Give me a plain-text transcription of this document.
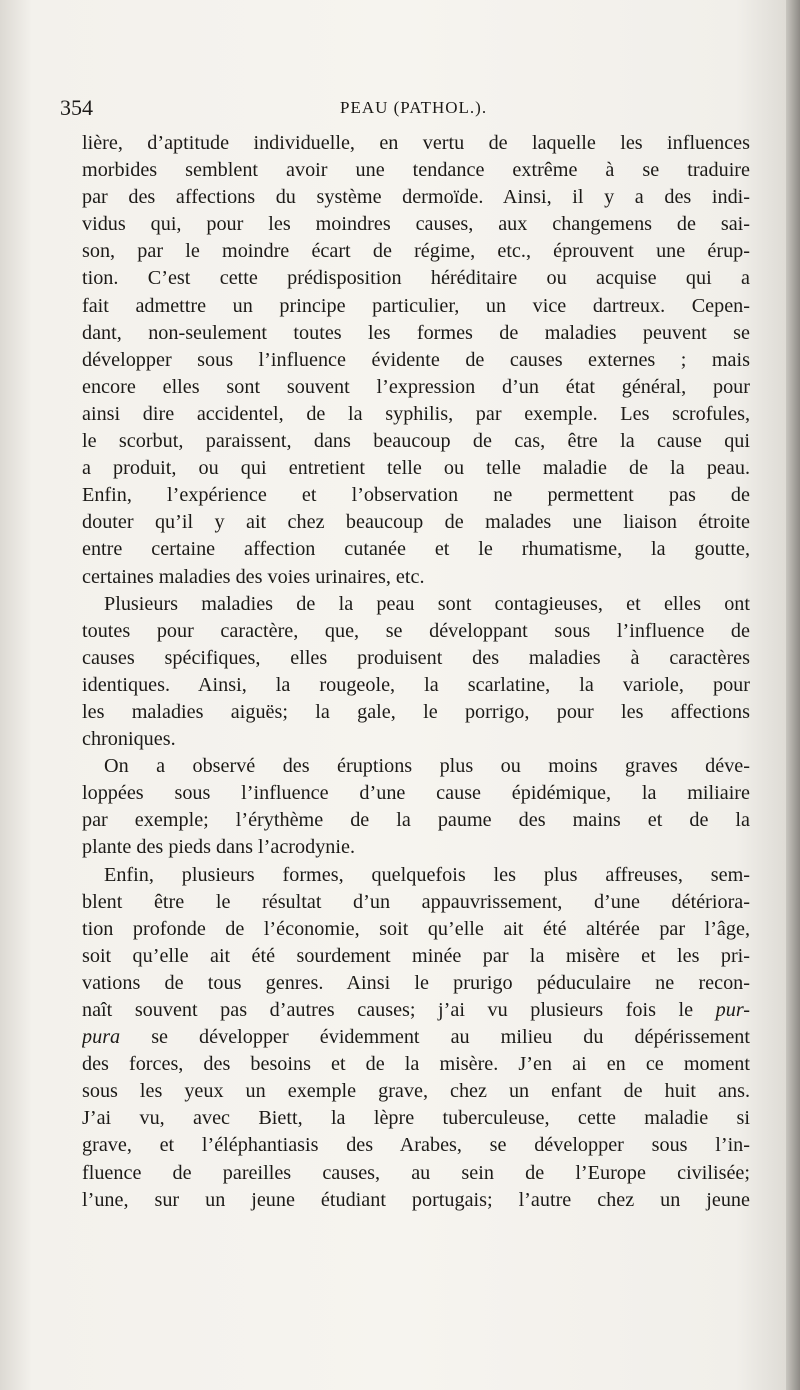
354	PEAU (PATHOL.).
lière, d’aptitude individuelle, en vertu de laquelle les influences
morbides semblent avoir une tendance extrême à se traduire
par des affections du système dermoïde. Ainsi, il y a des indi-
vidus qui, pour les moindres causes, aux changemens de sai-
son, par le moindre écart de régime, etc., éprouvent une érup-
tion. C’est cette prédisposition héréditaire ou acquise qui a
fait admettre un principe particulier, un vice dartreux. Cepen-
dant, non-seulement toutes les formes de maladies peuvent se
développer sous l’influence évidente de causes externes ; mais
encore elles sont souvent l’expression d’un état général, pour
ainsi dire accidentel, de la syphilis, par exemple. Les scrofules,
le scorbut, paraissent, dans beaucoup de cas, être la cause qui
a produit, ou qui entretient telle ou telle maladie de la peau.
Enfin, l’expérience et l’observation ne permettent pas de
douter qu’il y ait chez beaucoup de malades une liaison étroite
entre certaine affection cutanée et le rhumatisme, la goutte,
certaines maladies des voies urinaires, etc.
Plusieurs maladies de la peau sont contagieuses, et elles ont
toutes pour caractère, que, se développant sous l’influence de
causes spécifiques, elles produisent des maladies à caractères
identiques. Ainsi, la rougeole, la scarlatine, la variole, pour
les maladies aiguës; la gale, le porrigo, pour les affections
chroniques.
On a observé des éruptions plus ou moins graves déve-
loppées sous l’influence d’une cause épidémique, la miliaire
par exemple; l’érythème de la paume des mains et de la
plante des pieds dans l’acrodynie.
Enfin, plusieurs formes, quelquefois les plus affreuses, sem-
blent être le résultat d’un appauvrissement, d’une détériora-
tion profonde de l’économie, soit qu’elle ait été altérée par l’âge,
soit qu’elle ait été sourdement minée par la misère et les pri-
vations de tous genres. Ainsi le prurigo péduculaire ne recon-
naît souvent pas d’autres causes; j’ai vu plusieurs fois le pur-
pura se développer évidemment au milieu du dépérissement
des forces, des besoins et de la misère. J’en ai en ce moment
sous les yeux un exemple grave, chez un enfant de huit ans.
J’ai vu, avec Biett, la lèpre tuberculeuse, cette maladie si
grave, et l’éléphantiasis des Arabes, se développer sous l’in-
fluence de pareilles causes, au sein de l’Europe civilisée;
l’une, sur un jeune étudiant portugais; l’autre chez un jeune
